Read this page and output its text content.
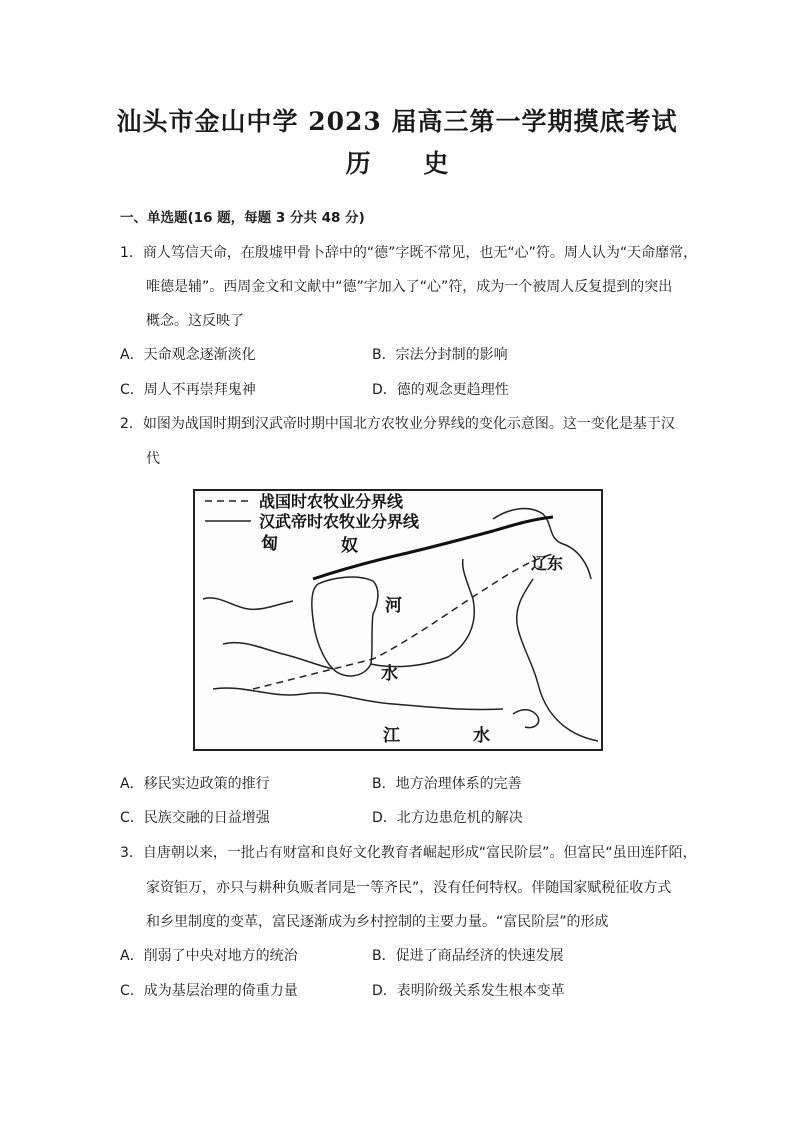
汕头市金山中学 2023 届高三第一学期摸底考试
历 史
一、单选题(16 题，每题 3 分共 48 分)
1．商人笃信天命，在殷墟甲骨卜辞中的“德”字既不常见，也无“心”符。周人认为“天命靡常，
唯德是辅”。西周金文和文献中“德”字加入了“心”符，成为一个被周人反复提到的突出
概念。这反映了
A．天命观念逐渐淡化	B．宗法分封制的影响
C．周人不再崇拜鬼神	D．德的观念更趋理性
2．如图为战国时期到汉武帝时期中国北方农牧业分界线的变化示意图。这一变化是基于汉
代
战国时农牧业分界线
汉武帝时农牧业分界线
匈	奴
辽东
河
水
江	水
A．移民实边政策的推行	B．地方治理体系的完善
C．民族交融的日益增强	D．北方边患危机的解决
3．自唐朝以来，一批占有财富和良好文化教育者崛起形成“富民阶层”。但富民“虽田连阡陌，
家资钜万，亦只与耕种负贩者同是一等齐民”，没有任何特权。伴随国家赋税征收方式
和乡里制度的变革，富民逐渐成为乡村控制的主要力量。“富民阶层”的形成
A．削弱了中央对地方的统治	B．促进了商品经济的快速发展
C．成为基层治理的倚重力量	D．表明阶级关系发生根本变革
